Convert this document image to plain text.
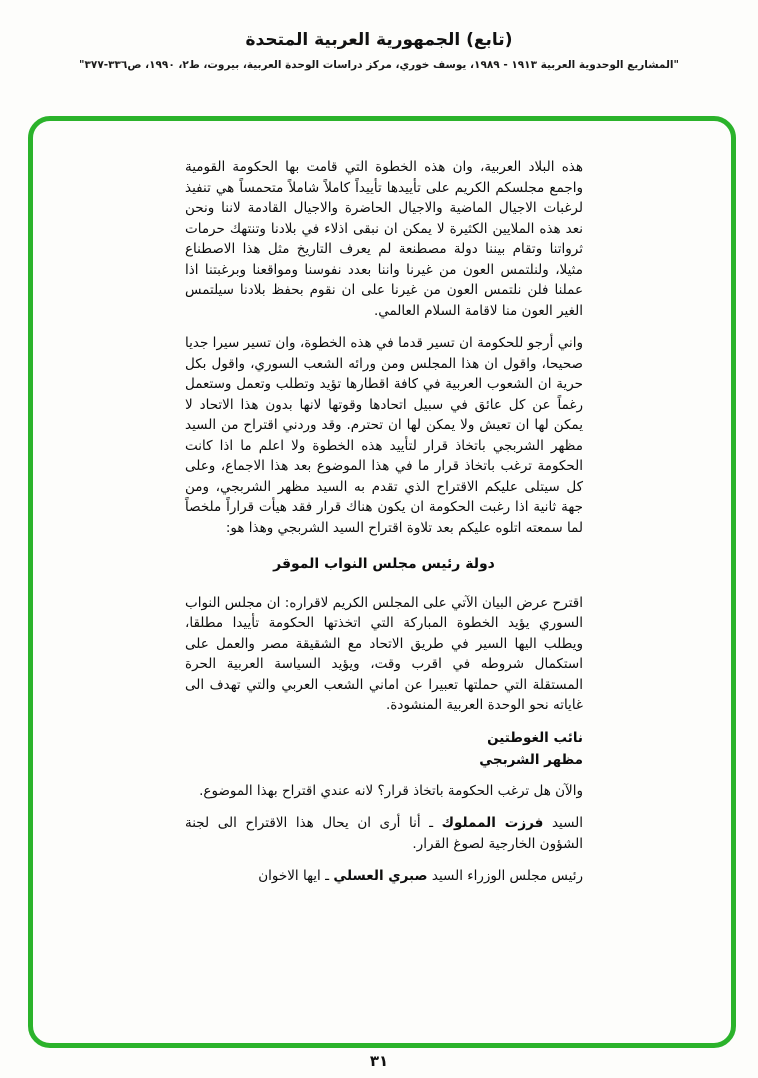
(تابع) الجمهورية العربية المتحدة
"المشاريع الوحدوية العربية ١٩١٣ - ١٩٨٩، يوسف خوري، مركز دراسات الوحدة العربية، بيروت، ط٢، ١٩٩٠، ص٣٣٦-٣٧٧"

هذه البلاد العربية، وان هذه الخطوة التي قامت بها الحكومة القومية واجمع مجلسكم الكريم على تأييدها تأييداً كاملاً شاملاً متحمساً هي تنفيذ لرغبات الاجيال الماضية والاجيال الحاضرة والاجيال القادمة لاننا ونحن نعد هذه الملايين الكثيرة لا يمكن ان نبقى اذلاء في بلادنا وتنتهك حرمات ثرواتنا وتقام بيننا دولة مصطنعة لم يعرف التاريخ مثل هذا الاصطناع مثيلا، ولنلتمس العون من غيرنا واننا بعدد نفوسنا ومواقعنا وبرغبتنا اذا عملنا فلن نلتمس العون من غيرنا على ان نقوم بحفظ بلادنا سيلتمس الغير العون منا لاقامة السلام العالمي.

واني أرجو للحكومة ان تسير قدما في هذه الخطوة، وان تسير سيرا جديا صحيحا، واقول ان هذا المجلس ومن ورائه الشعب السوري، واقول بكل حرية ان الشعوب العربية في كافة اقطارها تؤيد وتطلب وتعمل وستعمل رغماً عن كل عائق في سبيل اتحادها وقوتها لانها بدون هذا الاتحاد لا يمكن لها ان تعيش ولا يمكن لها ان تحترم. وقد وردني اقتراح من السيد مظهر الشربجي باتخاذ قرار لتأييد هذه الخطوة ولا اعلم ما اذا كانت الحكومة ترغب باتخاذ قرار ما في هذا الموضوع بعد هذا الاجماع، وعلى كل سيتلى عليكم الاقتراح الذي تقدم به السيد مظهر الشربجي، ومن جهة ثانية اذا رغبت الحكومة ان يكون هناك قرار فقد هيأت قراراً ملخصاً لما سمعته اتلوه عليكم بعد تلاوة اقتراح السيد الشربجي وهذا هو:

دولة رئيس مجلس النواب الموقر

اقترح عرض البيان الآتي على المجلس الكريم لاقراره: ان مجلس النواب السوري يؤيد الخطوة المباركة التي اتخذتها الحكومة تأييدا مطلقا، ويطلب اليها السير في طريق الاتحاد مع الشقيقة مصر والعمل على استكمال شروطه في اقرب وقت، ويؤيد السياسة العربية الحرة المستقلة التي حملتها تعبيرا عن اماني الشعب العربي والتي تهدف الى غاياته نحو الوحدة العربية المنشودة.

نائب الغوطتين

مظهر الشربجي

والآن هل ترغب الحكومة باتخاذ قرار؟ لانه عندي اقتراح بهذا الموضوع.

السيد فرزت المملوك ـ أنا أرى ان يحال هذا الاقتراح الى لجنة الشؤون الخارجية لصوغ القرار.

رئيس مجلس الوزراء السيد صبري العسلي ـ ايها الاخوان

٣١
